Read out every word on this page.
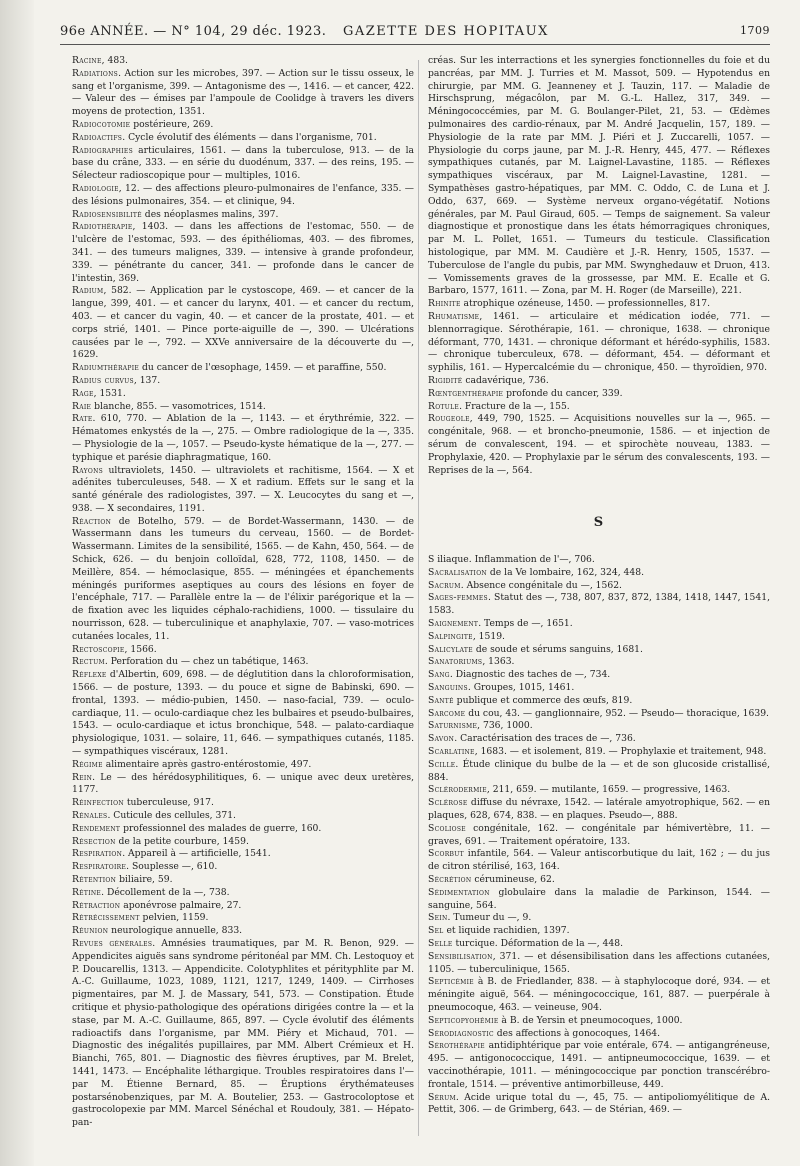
96e ANNÉE. — N° 104, 29 déc. 1923. GAZETTE DES HOPITAUX	1709

Racine, 483.

Radiations. Action sur les microbes, 397. — Action sur le tissu osseux, le sang et l'organisme, 399. — Antagonisme des —, 1416. — et cancer, 422. — Valeur des — émises par l'ampoule de Coolidge à travers les divers moyens de protection, 1351.

Radiocotomie postérieure, 269.

Radioactifs. Cycle évolutif des éléments — dans l'organisme, 701.

Radiographies articulaires, 1561. — dans la tuberculose, 913. — de la base du crâne, 333. — en série du duodénum, 337. — des reins, 195. — Sélecteur radioscopique pour — multiples, 1016.

Radiologie, 12. — des affections pleuro-pulmonaires de l'enfance, 335. — des lésions pulmonaires, 354. — et clinique, 94.

Radiosensibilité des néoplasmes malins, 397.

Radiothérapie, 1403. — dans les affections de l'estomac, 550. — de l'ulcère de l'estomac, 593. — des épithéliomas, 403. — des fibromes, 341. — des tumeurs malignes, 339. — intensive à grande profondeur, 339. — pénétrante du cancer, 341. — profonde dans le cancer de l'intestin, 369.

Radium, 582. — Application par le cystoscope, 469. — et cancer de la langue, 399, 401. — et cancer du larynx, 401. — et cancer du rectum, 403. — et cancer du vagin, 40. — et cancer de la prostate, 401. — et corps strié, 1401. — Pince porte-aiguille de —, 390. — Ulcérations causées par le —, 792. — XXVe anniversaire de la découverte du —, 1629.

Radiumthérapie du cancer de l'œsophage, 1459. — et paraffine, 550.

Radius curvus, 137.

Rage, 1531.

Raie blanche, 855. — vasomotrices, 1514.

Rate. 610, 770. — Ablation de la —, 1143. — et érythrémie, 322. — Hématomes enkystés de la —, 275. — Ombre radiologique de la —, 335. — Physiologie de la —, 1057. — Pseudo-kyste hématique de la —, 277. — typhique et parésie diaphragmatique, 160.

Rayons ultraviolets, 1450. — ultraviolets et rachitisme, 1564. — X et adénites tuberculeuses, 548. — X et radium. Effets sur le sang et la santé générale des radiologistes, 397. — X. Leucocytes du sang et —, 938. — X secondaires, 1191.

Réaction de Botelho, 579. — de Bordet-Wassermann, 1430. — de Wassermann dans les tumeurs du cerveau, 1560. — de Bordet-Wassermann. Limites de la sensibilité, 1565. — de Kahn, 450, 564. — de Schick, 626. — du benjoin colloïdal, 628, 772, 1108, 1450. — de Meillère, 854. — hémoclasique, 855. — méningées et épanchements méningés puriformes aseptiques au cours des lésions en foyer de l'encéphale, 717. — Parallèle entre la — de l'élixir parégorique et la — de fixation avec les liquides céphalo-rachidiens, 1000. — tissulaire du nourrisson, 628. — tuberculinique et anaphylaxie, 707. — vaso-motrices cutanées locales, 11.

Rectoscopie, 1566.

Rectum. Perforation du — chez un tabétique, 1463.

Réflexe d'Albertin, 609, 698. — de déglutition dans la chloroformisation, 1566. — de posture, 1393. — du pouce et signe de Babinski, 690. — frontal, 1393. — médio-pubien, 1450. — naso-facial, 739. — oculo-cardiaque, 11. — oculo-cardiaque chez les bulbaires et pseudo-bulbaires, 1543. — oculo-cardiaque et ictus bronchique, 548. — palato-cardiaque physiologique, 1031. — solaire, 11, 646. — sympathiques cutanés, 1185. — sympathiques viscéraux, 1281.

Régime alimentaire après gastro-entérostomie, 497.

Rein. Le — des hérédosyphilitiques, 6. — unique avec deux uretères, 1177.

Réinfection tuberculeuse, 917.

Rénales. Cuticule des cellules, 371.

Rendement professionnel des malades de guerre, 160.

Résection de la petite courbure, 1459.

Respiration. Appareil à — artificielle, 1541.

Respiratoire. Souplesse —, 610.

Rétention biliaire, 59.

Rétine. Décollement de la —, 738.

Rétraction aponévrose palmaire, 27.

Rétrécissement pelvien, 1159.

Réunion neurologique annuelle, 833.

Revues générales. Amnésies traumatiques, par M. R. Benon, 929. — Appendicites aiguës sans syndrome péritonéal par MM. Ch. Lestoquoy et P. Doucarellis, 1313. — Appendicite. Colotyphlites et pérityphlite par M. A.-C. Guillaume, 1023, 1089, 1121, 1217, 1249, 1409. — Cirrhoses pigmentaires, par M. J. de Massary, 541, 573. — Constipation. Étude critique et physio-pathologique des opérations dirigées contre la — et la stase, par M. A.-C. Guillaume, 865, 897. — Cycle évolutif des éléments radioactifs dans l'organisme, par MM. Piéry et Michaud, 701. — Diagnostic des inégalités pupillaires, par MM. Albert Crémieux et H. Bianchi, 765, 801. — Diagnostic des fièvres éruptives, par M. Brelet, 1441, 1473. — Encéphalite léthargique. Troubles respiratoires dans l'— par M. Étienne Bernard, 85. — Éruptions érythémateuses postarsénobenziques, par M. A. Boutelier, 253. — Gastrocoloptose et gastrocolopexie par MM. Marcel Sénéchal et Roudouly, 381. — Hépato-pan-

créas. Sur les interractions et les synergies fonctionnelles du foie et du pancréas, par MM. J. Turries et M. Massot, 509. — Hypotendus en chirurgie, par MM. G. Jeanneney et J. Tauzin, 117. — Maladie de Hirschsprung, mégacôlon, par M. G.-L. Hallez, 317, 349. — Méningococcémies, par M. G. Boulanger-Pilet, 21, 53. — Œdèmes pulmonaires des cardio-rénaux, par M. André Jacquelin, 157, 189. — Physiologie de la rate par MM. J. Piéri et J. Zuccarelli, 1057. — Physiologie du corps jaune, par M. J.-R. Henry, 445, 477. — Réflexes sympathiques cutanés, par M. Laignel-Lavastine, 1185. — Réflexes sympathiques viscéraux, par M. Laignel-Lavastine, 1281. — Sympathèses gastro-hépatiques, par MM. C. Oddo, C. de Luna et J. Oddo, 637, 669. — Système nerveux organo-végétatif. Notions générales, par M. Paul Giraud, 605. — Temps de saignement. Sa valeur diagnostique et pronostique dans les états hémorragiques chroniques, par M. L. Pollet, 1651. — Tumeurs du testicule. Classification histologique, par MM. M. Caudière et J.-R. Henry, 1505, 1537. — Tuberculose de l'angle du pubis, par MM. Swynghedauw et Druon, 413. — Vomissements graves de la grossesse, par MM. E. Ecalle et G. Barbaro, 1577, 1611. — Zona, par M. H. Roger (de Marseille), 221.

Rhinite atrophique ozéneuse, 1450. — professionnelles, 817.

Rhumatisme, 1461. — articulaire et médication iodée, 771. — blennorragique. Sérothérapie, 161. — chronique, 1638. — chronique déformant, 770, 1431. — chronique déformant et hérédo-syphilis, 1583. — chronique tuberculeux, 678. — déformant, 454. — déformant et syphilis, 161. — Hypercalcémie du — chronique, 450. — thyroïdien, 970.

Rigidité cadavérique, 736.

Rœntgenthérapie profonde du cancer, 339.

Rotule. Fracture de la —, 155.

Rougeole, 449, 790, 1525. — Acquisitions nouvelles sur la —, 965. — congénitale, 968. — et broncho-pneumonie, 1586. — et injection de sérum de convalescent, 194. — et spirochète nouveau, 1383. — Prophylaxie, 420. — Prophylaxie par le sérum des convalescents, 193. — Reprises de la —, 564.

S

S iliaque. Inflammation de l'—, 706.

Sacralisation de la Ve lombaire, 162, 324, 448.

Sacrum. Absence congénitale du —, 1562.

Sages-femmes. Statut des —, 738, 807, 837, 872, 1384, 1418, 1447, 1541, 1583.

Saignement. Temps de —, 1651.

Salpingite, 1519.

Salicylate de soude et sérums sanguins, 1681.

Sanatoriums, 1363.

Sang. Diagnostic des taches de —, 734.

Sanguins. Groupes, 1015, 1461.

Santé publique et commerce des œufs, 819.

Sarcome du cou, 43. — ganglionnaire, 952. — Pseudo— thoracique, 1639.

Saturnisme, 736, 1000.

Savon. Caractérisation des traces de —, 736.

Scarlatine, 1683. — et isolement, 819. — Prophylaxie et traitement, 948.

Scille. Étude clinique du bulbe de la — et de son glucoside cristallisé, 884.

Sclérodermie, 211, 659. — mutilante, 1659. — progressive, 1463.

Sclérose diffuse du névraxe, 1542. — latérale amyotrophique, 562. — en plaques, 628, 674, 838. — en plaques. Pseudo—, 888.

Scoliose congénitale, 162. — congénitale par hémivertèbre, 11. — graves, 691. — Traitement opératoire, 133.

Scorbut infantile, 564. — Valeur antiscorbutique du lait, 162 ; — du jus de citron stérilisé, 163, 164.

Sécrétion cérumineuse, 62.

Sédimentation globulaire dans la maladie de Parkinson, 1544. — sanguine, 564.

Sein. Tumeur du —, 9.

Sel et liquide rachidien, 1397.

Selle turcique. Déformation de la —, 448.

Sensibilisation, 371. — et désensibilisation dans les affections cutanées, 1105. — tuberculinique, 1565.

Septicémie à B. de Friedlander, 838. — à staphylocoque doré, 934. — et méningite aiguë, 564. — méningococcique, 161, 887. — puerpérale à pneumocoque, 463. — veineuse, 904.

Septicopyohémie à B. de Yersin et pneumocoques, 1000.

Sérodiagnostic des affections à gonocoques, 1464.

Sérothérapie antidiphtérique par voie entérale, 674. — antigangréneuse, 495. — antigonococcique, 1491. — antipneumococcique, 1639. — et vaccinothérapie, 1011. — méningococcique par ponction transcérébro-frontale, 1514. — préventive antimorbilleuse, 449.

Sérum. Acide urique total du —, 45, 75. — antipoliomyélitique de A. Pettit, 306. — de Grimberg, 643. — de Stérian, 469. —
